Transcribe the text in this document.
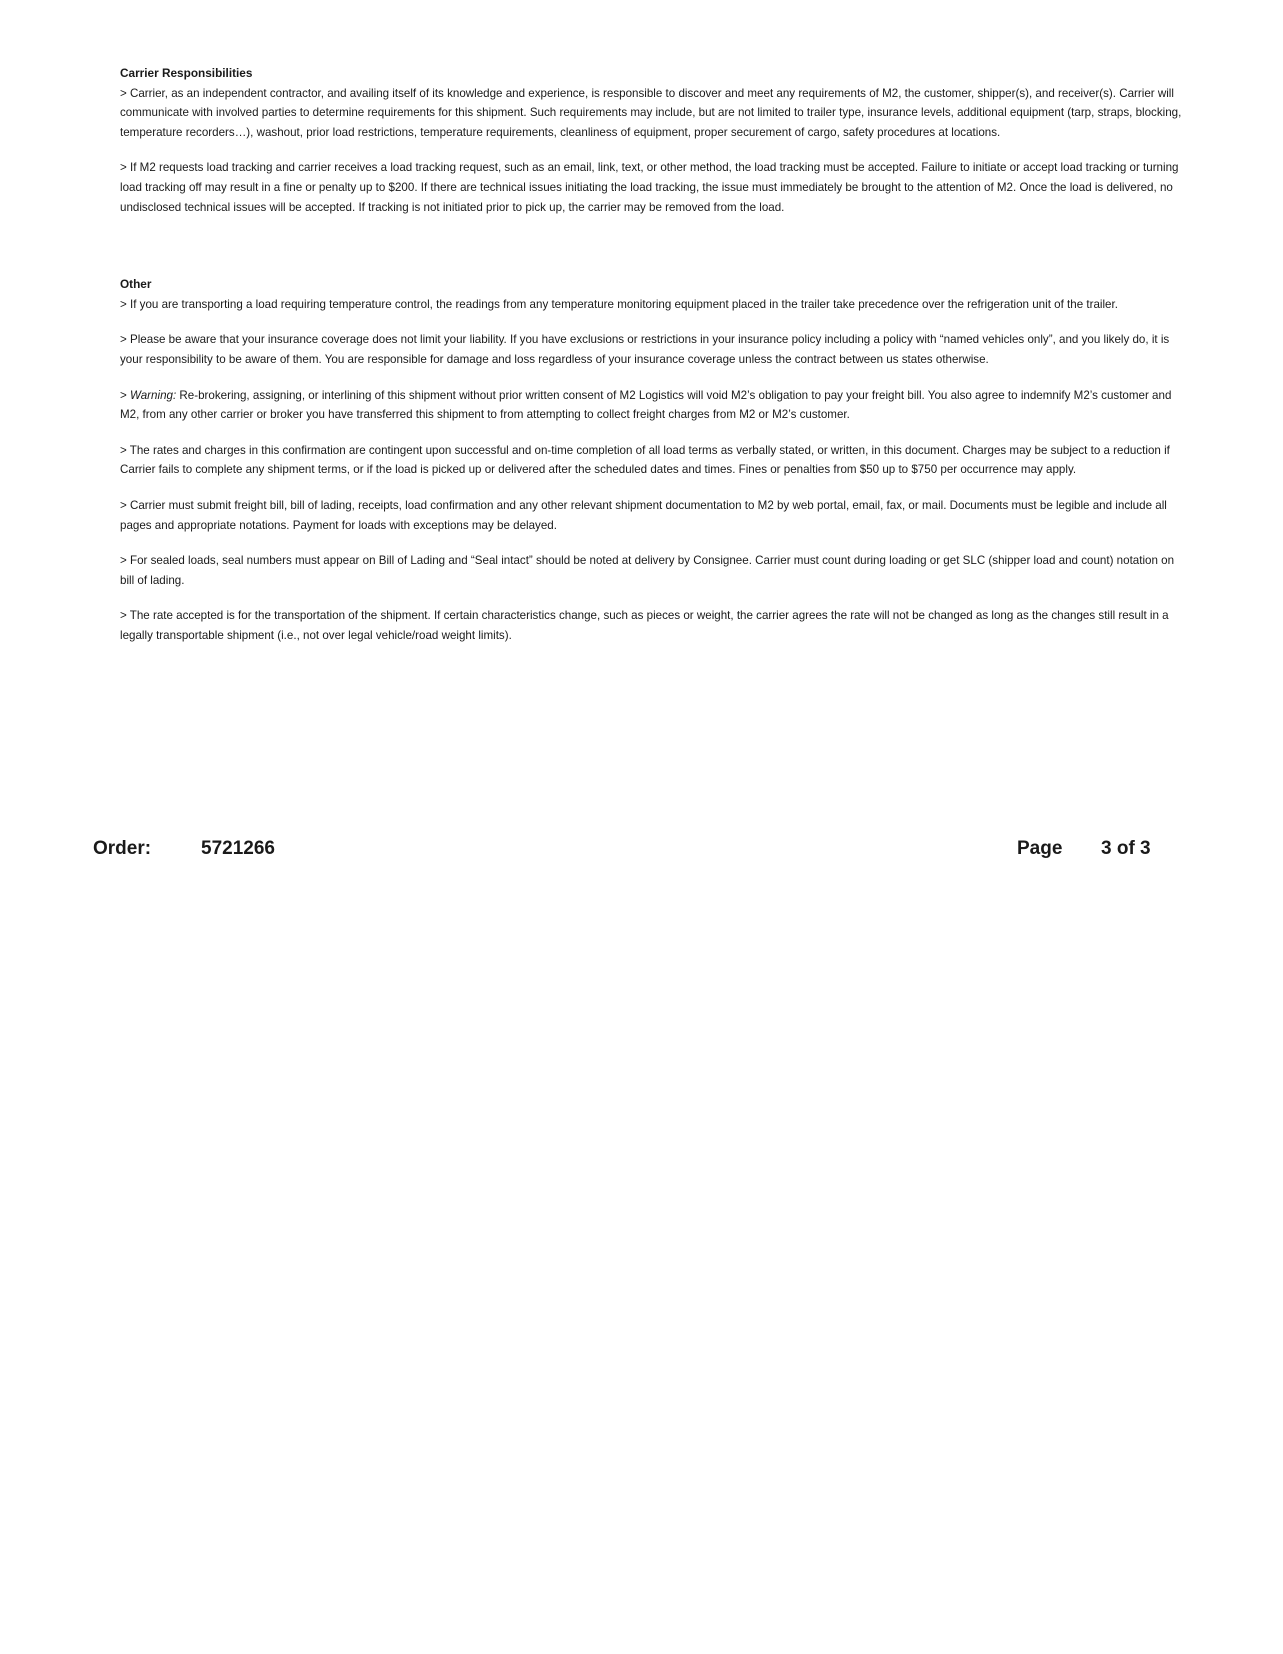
Carrier Responsibilities

> Carrier, as an independent contractor, and availing itself of its knowledge and experience, is responsible to discover and meet any requirements of M2, the customer, shipper(s), and receiver(s). Carrier will communicate with involved parties to determine requirements for this shipment. Such requirements may include, but are not limited to trailer type, insurance levels, additional equipment (tarp, straps, blocking, temperature recorders…), washout, prior load restrictions, temperature requirements, cleanliness of equipment, proper securement of cargo, safety procedures at locations.

> If M2 requests load tracking and carrier receives a load tracking request, such as an email, link, text, or other method, the load tracking must be accepted. Failure to initiate or accept load tracking or turning load tracking off may result in a fine or penalty up to $200. If there are technical issues initiating the load tracking, the issue must immediately be brought to the attention of M2. Once the load is delivered, no undisclosed technical issues will be accepted. If tracking is not initiated prior to pick up, the carrier may be removed from the load.

Other

> If you are transporting a load requiring temperature control, the readings from any temperature monitoring equipment placed in the trailer take precedence over the refrigeration unit of the trailer.

> Please be aware that your insurance coverage does not limit your liability. If you have exclusions or restrictions in your insurance policy including a policy with “named vehicles only”, and you likely do, it is your responsibility to be aware of them. You are responsible for damage and loss regardless of your insurance coverage unless the contract between us states otherwise.

> Warning: Re-brokering, assigning, or interlining of this shipment without prior written consent of M2 Logistics will void M2’s obligation to pay your freight bill. You also agree to indemnify M2’s customer and M2, from any other carrier or broker you have transferred this shipment to from attempting to collect freight charges from M2 or M2’s customer.

> The rates and charges in this confirmation are contingent upon successful and on-time completion of all load terms as verbally stated, or written, in this document. Charges may be subject to a reduction if Carrier fails to complete any shipment terms, or if the load is picked up or delivered after the scheduled dates and times. Fines or penalties from $50 up to $750 per occurrence may apply.

> Carrier must submit freight bill, bill of lading, receipts, load confirmation and any other relevant shipment documentation to M2 by web portal, email, fax, or mail. Documents must be legible and include all pages and appropriate notations. Payment for loads with exceptions may be delayed.

> For sealed loads, seal numbers must appear on Bill of Lading and “Seal intact” should be noted at delivery by Consignee. Carrier must count during loading or get SLC (shipper load and count) notation on bill of lading.

> The rate accepted is for the transportation of the shipment. If certain characteristics change, such as pieces or weight, the carrier agrees the rate will not be changed as long as the changes still result in a legally transportable shipment (i.e., not over legal vehicle/road weight limits).

Order:	5721266	Page 3 of 3
